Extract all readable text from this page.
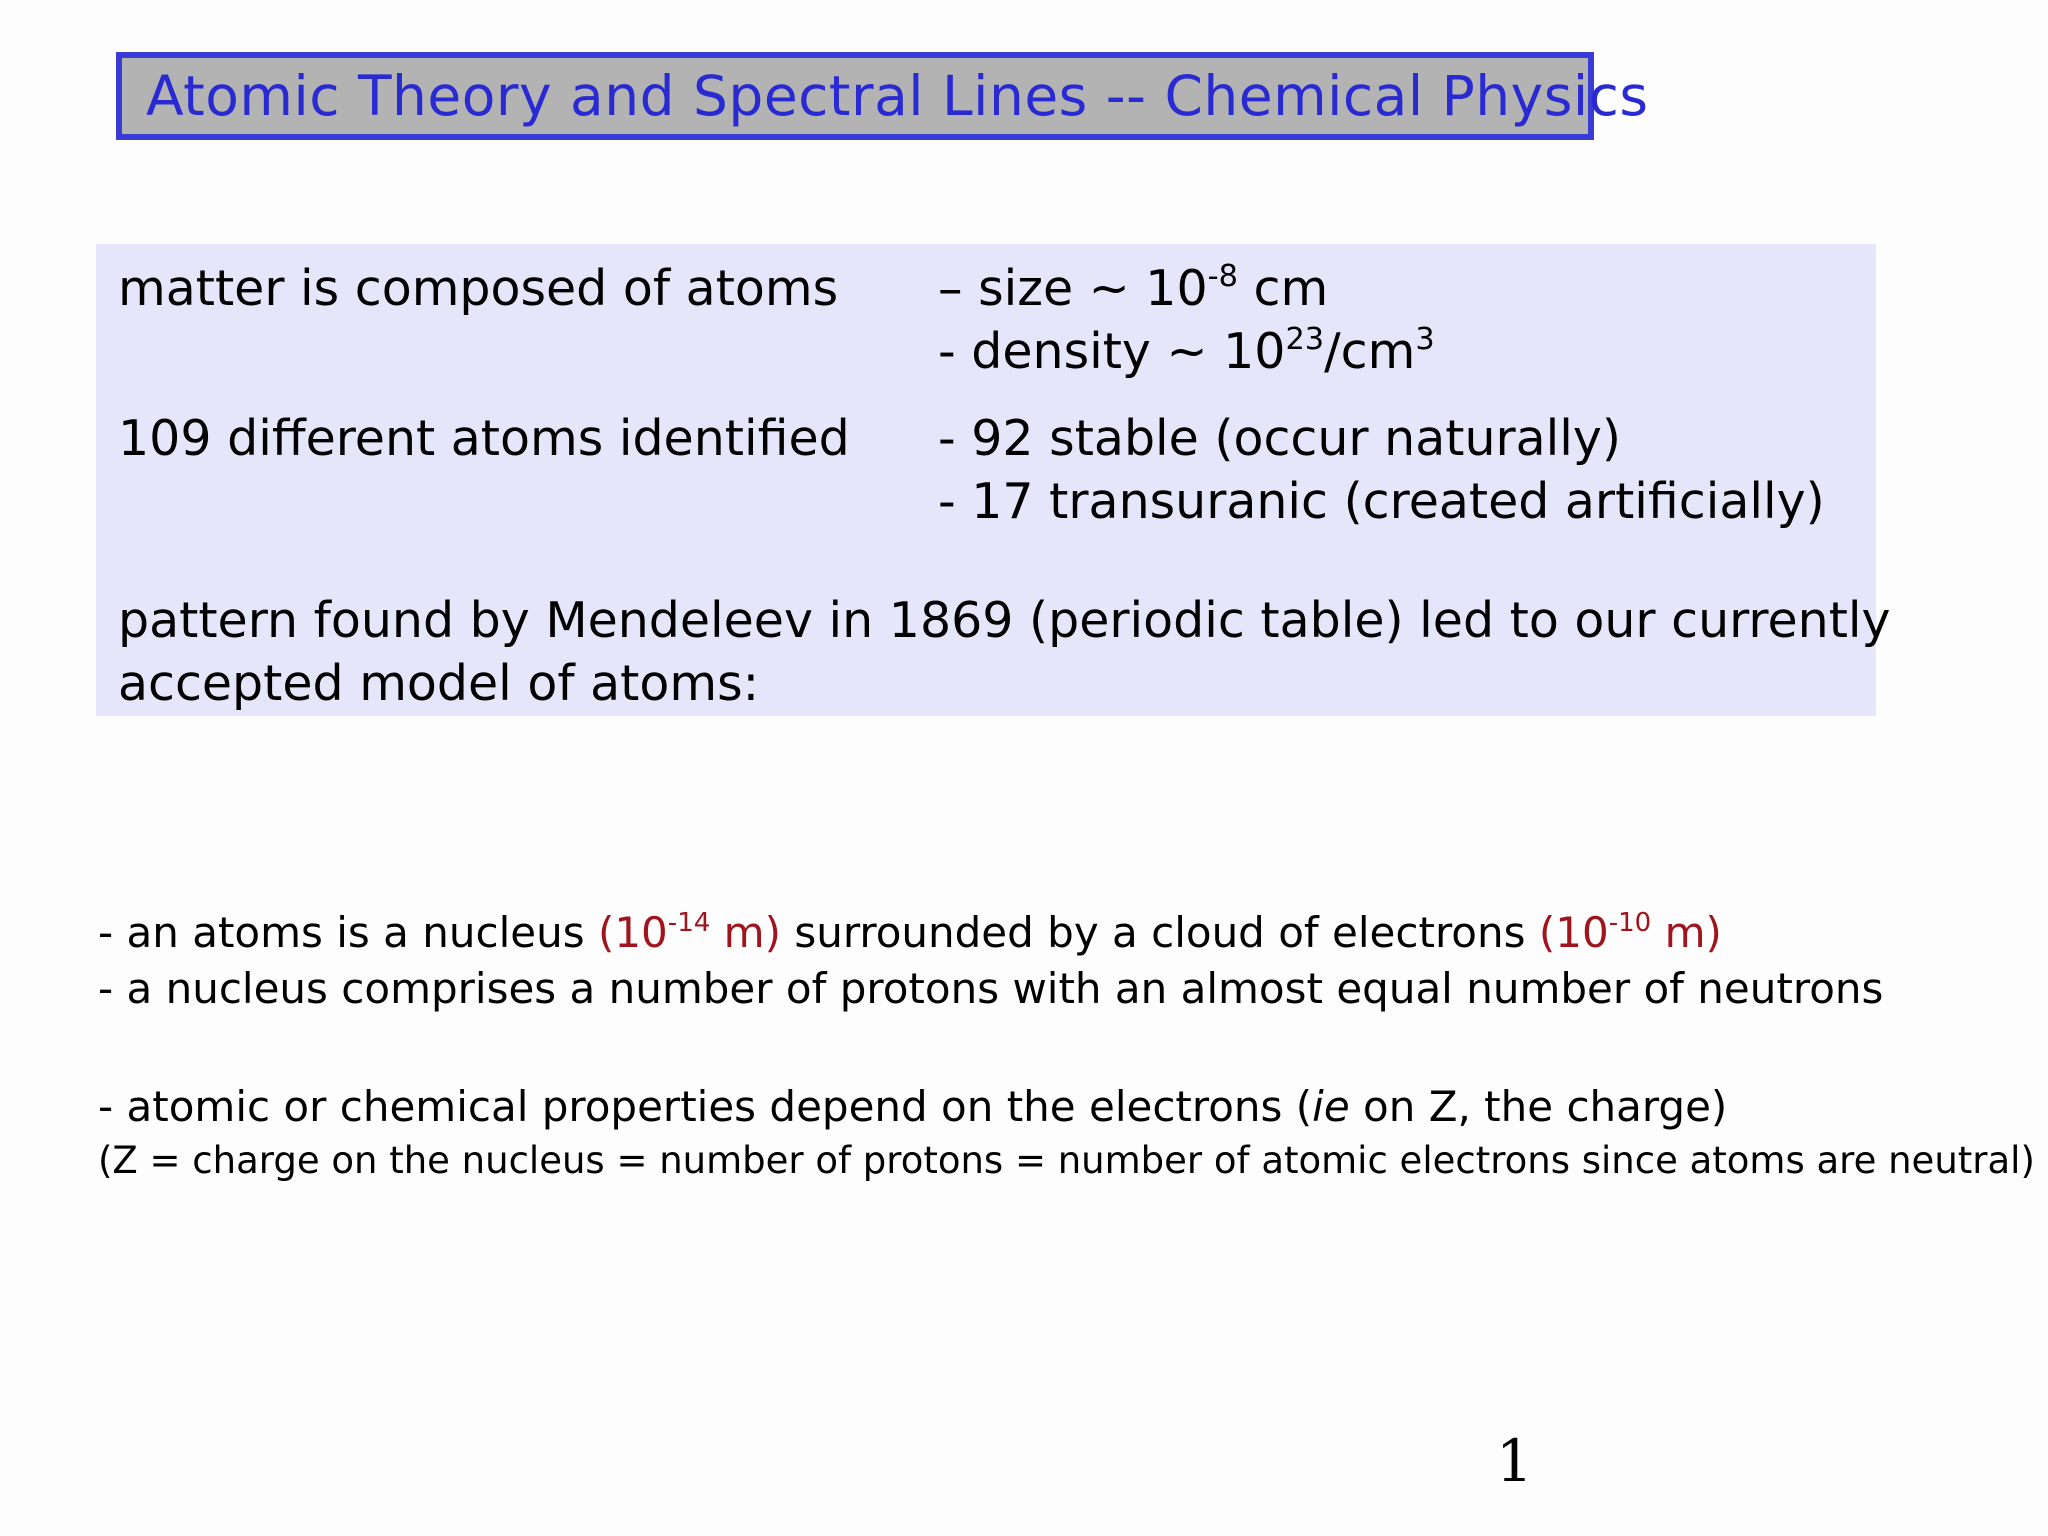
Atomic Theory and Spectral Lines -- Chemical Physics
matter is composed of atoms – size ~ $10^{-8}$ cm
- density ~ $10^{23}/cm^3$
109 different atoms identified - 92 stable (occur naturally)
- 17 transuranic (created artificially)
pattern found by Mendeleev in 1869 (periodic table) led to our currently
accepted model of atoms:
- an atoms is a nucleus ($10^{-14}$ m) surrounded by a cloud of electrons ($10^{-10}$ m)
- a nucleus comprises a number of protons with an almost equal number of neutrons
- atomic or chemical properties depend on the electrons (ie on Z, the charge)
(Z = charge on the nucleus = number of protons = number of atomic electrons since atoms are neutral)
1
